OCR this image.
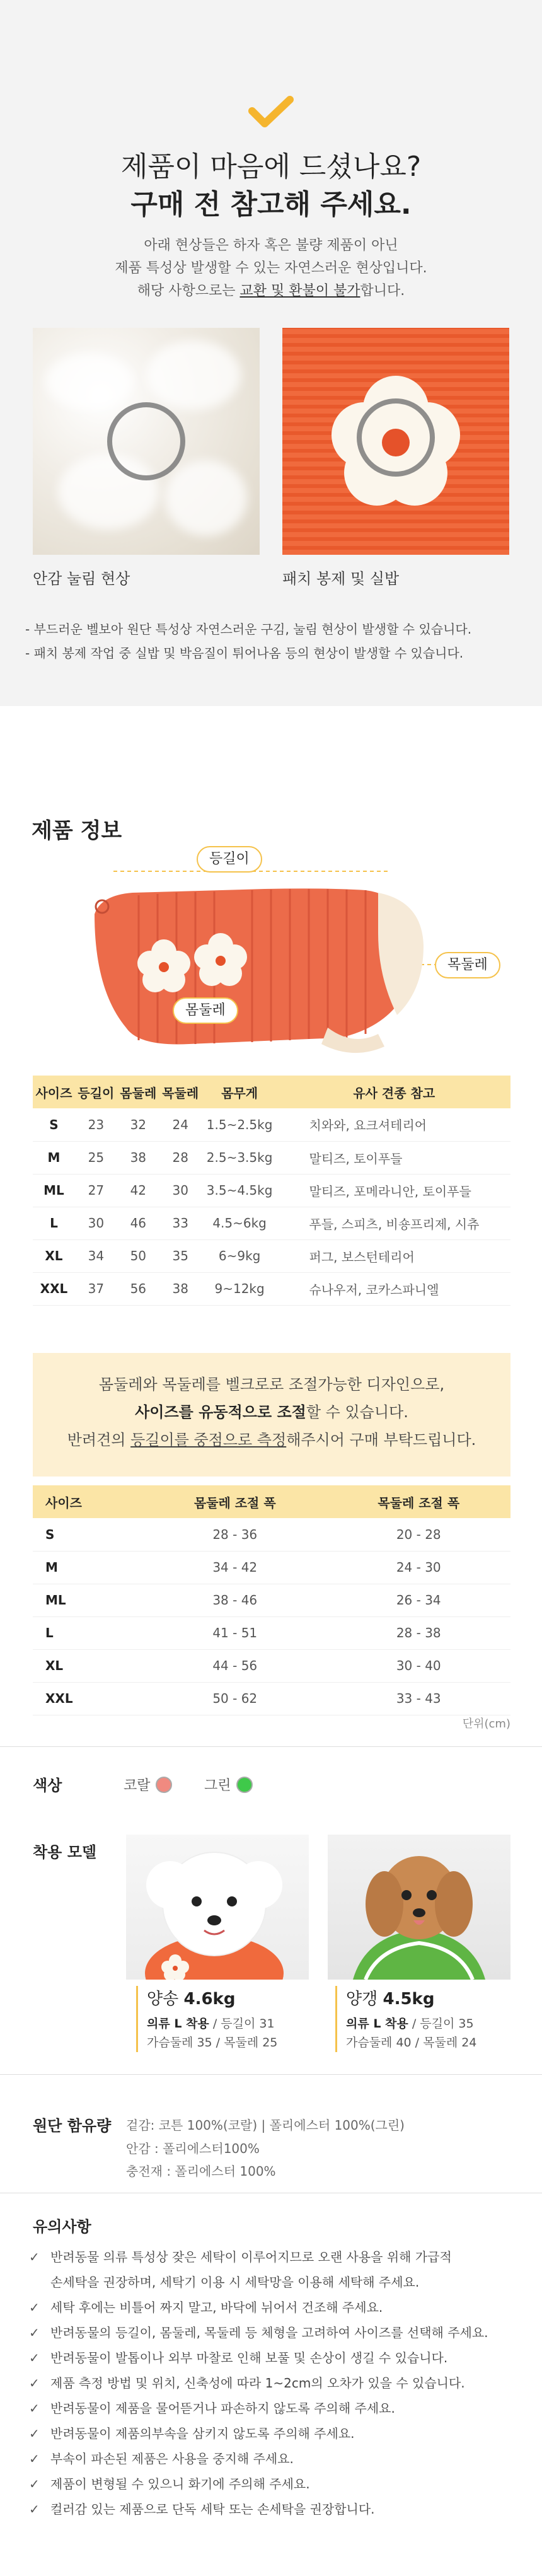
제품이 마음에 드셨나요?
구매 전 참고해 주세요.

아래 현상들은 하자 혹은 불량 제품이 아닌

제품 특성상 발생할 수 있는 자연스러운 현상입니다.

해당 사항으로는 교환 및 환불이 불가합니다.

안감 눌림 현상	패치 봉제 및 실밥
- 부드러운 벨보아 원단 특성상 자연스러운 구김, 눌림 현상이 발생할 수 있습니다.
- 패치 봉제 작업 중 실밥 및 박음질이 튀어나옴 등의 현상이 발생할 수 있습니다.
제품 정보
등길이
목둘레
몸둘레
사이즈	등길이	몸둘레	목둘레	몸무게	유사 견종 참고
S	23	32	24	1.5~2.5kg	치와와, 요크셔테리어
M	25	38	28	2.5~3.5kg	말티즈, 토이푸들
ML	27	42	30	3.5~4.5kg	말티즈, 포메라니안, 토이푸들
L	30	46	33	4.5~6kg	푸들, 스피츠, 비숑프리제, 시츄
XL	34	50	35	6~9kg	퍼그, 보스턴테리어
XXL	37	56	38	9~12kg	슈나우저, 코카스파니엘

몸둘레와 목둘레를 벨크로로 조절가능한 디자인으로,

사이즈를 유동적으로 조절할 수 있습니다.

반려견의 등길이를 중점으로 측정해주시어 구매 부탁드립니다.

사이즈	몸둘레 조절 폭	목둘레 조절 폭
S	28 - 36	20 - 28
M	34 - 42	24 - 30
ML	38 - 46	26 - 34
L	41 - 51	28 - 38
XL	44 - 56	30 - 40
XXL	50 - 62	33 - 43
단위(cm)
색상	코랄	그린
착용 모델
양송 4.6kg
의류 L 착용 / 등길이 31
가슴둘레 35 / 목둘레 25
양갱 4.5kg
의류 L 착용 / 등길이 35
가슴둘레 40 / 목둘레 24
원단 함유량 겉감: 코튼 100%(코랄) | 폴리에스터 100%(그린)
안감 : 폴리에스터100%
충전재 : 폴리에스터 100%
유의사항
✓ 반려동물 의류 특성상 잦은 세탁이 이루어지므로 오랜 사용을 위해 가급적
손세탁을 권장하며, 세탁기 이용 시 세탁망을 이용해 세탁해 주세요.
✓ 세탁 후에는 비틀어 짜지 말고, 바닥에 뉘어서 건조해 주세요.
✓ 반려동물의 등길이, 몸둘레, 목둘레 등 체형을 고려하여 사이즈를 선택해 주세요.
✓ 반려동물이 발톱이나 외부 마찰로 인해 보풀 및 손상이 생길 수 있습니다.
✓ 제품 측정 방법 및 위치, 신축성에 따라 1~2cm의 오차가 있을 수 있습니다.
✓ 반려동물이 제품을 물어뜯거나 파손하지 않도록 주의해 주세요.
✓ 반려동물이 제품의부속을 삼키지 않도록 주의해 주세요.
✓ 부속이 파손된 제품은 사용을 중지해 주세요.
✓ 제품이 변형될 수 있으니 화기에 주의해 주세요.
✓ 컬러감 있는 제품으로 단독 세탁 또는 손세탁을 권장합니다.
